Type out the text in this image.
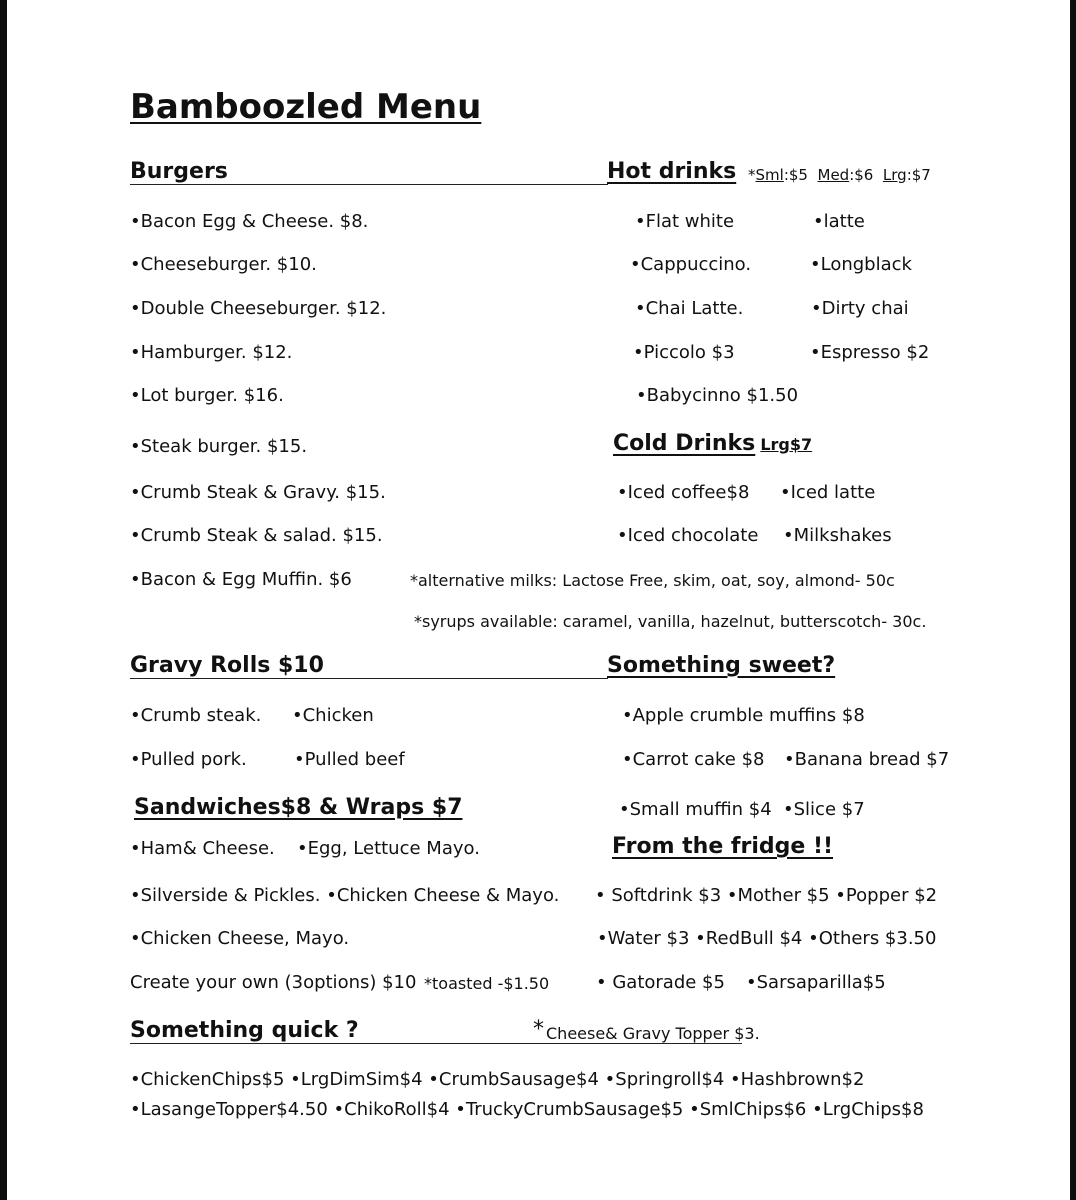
Bamboozled Menu
Burgers
•Bacon Egg & Cheese. $8.
•Cheeseburger. $10.
•Double Cheeseburger. $12.
•Hamburger. $12.
•Lot burger. $16.
•Steak burger. $15.
•Crumb Steak & Gravy. $15.
•Crumb Steak & salad. $15.
•Bacon & Egg Muffin. $6
Hot drinks *Sml:$5 Med:$6 Lrg:$7
•Flat white
•Cappuccino.
•Chai Latte.
•Piccolo $3
•Babycinno $1.50
•latte
•Longblack
•Dirty chai
•Espresso $2
Cold Drinks Lrg$7
•Iced coffee$8
•Iced chocolate
•Iced latte
•Milkshakes
*alternative milks: Lactose Free, skim, oat, soy, almond- 50c
*syrups available: caramel, vanilla, hazelnut, butterscotch- 30c.
Gravy Rolls $10
•Crumb steak.
•Pulled pork.
•Chicken
•Pulled beef
Something sweet?
•Apple crumble muffins $8
•Carrot cake $8 •Banana bread $7
•Small muffin $4 •Slice $7
Sandwiches$8 & Wraps $7
•Ham& Cheese. •Egg, Lettuce Mayo.
•Silverside & Pickles. •Chicken Cheese & Mayo.
•Chicken Cheese, Mayo.
Create your own (3options) $10 *toasted -$1.50
From the fridge !!
• Softdrink $3 •Mother $5 •Popper $2
•Water $3 •RedBull $4 •Others $3.50
• Gatorade $5 •Sarsaparilla$5
Something quick ?	* Cheese& Gravy Topper $3.
•ChickenChips$5 •LrgDimSim$4 •CrumbSausage$4 •Springroll$4 •Hashbrown$2
•LasangeTopper$4.50 •ChikoRoll$4 •TruckyCrumbSausage$5 •SmlChips$6 •LrgChips$8
